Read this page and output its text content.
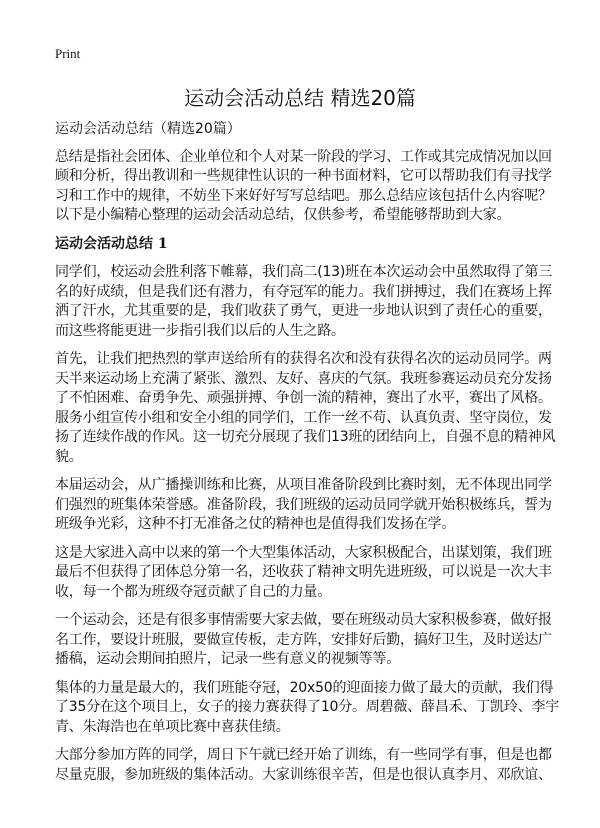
Print
运动会活动总结 精选20篇

运动会活动总结（精选20篇）

总结是指社会团体、企业单位和个人对某一阶段的学习、工作或其完成情况加以回
顾和分析，得出教训和一些规律性认识的一种书面材料，它可以帮助我们有寻找学
习和工作中的规律，不妨坐下来好好写写总结吧。那么总结应该包括什么内容呢？
以下是小编精心整理的运动会活动总结，仅供参考，希望能够帮助到大家。

运动会活动总结 1

同学们，校运动会胜利落下帷幕，我们高二(13)班在本次运动会中虽然取得了第三
名的好成绩，但是我们还有潜力，有夺冠军的能力。我们拼搏过，我们在赛场上挥
洒了汗水，尤其重要的是，我们收获了勇气，更进一步地认识到了责任心的重要，
而这些将能更进一步指引我们以后的人生之路。

首先，让我们把热烈的掌声送给所有的获得名次和没有获得名次的运动员同学。两
天半来运动场上充满了紧张、激烈、友好、喜庆的气氛。我班参赛运动员充分发扬
了不怕困难、奋勇争先、顽强拼搏、争创一流的精神，赛出了水平，赛出了风格。
服务小组宣传小组和安全小组的同学们，工作一丝不苟、认真负责、坚守岗位，发
扬了连续作战的作风。这一切充分展现了我们13班的团结向上，自强不息的精神风
貌。

本届运动会，从广播操训练和比赛，从项目准备阶段到比赛时刻，无不体现出同学
们强烈的班集体荣誉感。准备阶段，我们班级的运动员同学就开始积极练兵，誓为
班级争光彩，这种不打无准备之仗的精神也是值得我们发扬在学。

这是大家进入高中以来的第一个大型集体活动，大家积极配合，出谋划策，我们班
最后不但获得了团体总分第一名，还收获了精神文明先进班级，可以说是一次大丰
收，每一个都为班级夺冠贡献了自己的力量。

一个运动会，还是有很多事情需要大家去做，要在班级动员大家积极参赛，做好报
名工作，要设计班服，要做宣传板，走方阵，安排好后勤，搞好卫生，及时送达广
播稿，运动会期间拍照片，记录一些有意义的视频等等。

集体的力量是最大的，我们班能夺冠，20x50的迎面接力做了最大的贡献，我们得
了35分在这个项目上，女子的接力赛获得了10分。周碧薇、薛昌禾、丁凯玲、李宇
青、朱海浩也在单项比赛中喜获佳绩。

大部分参加方阵的同学，周日下午就已经开始了训练，有一些同学有事，但是也都
尽量克服，参加班级的集体活动。大家训练很辛苦，但是也很认真李月、邓欣谊、
